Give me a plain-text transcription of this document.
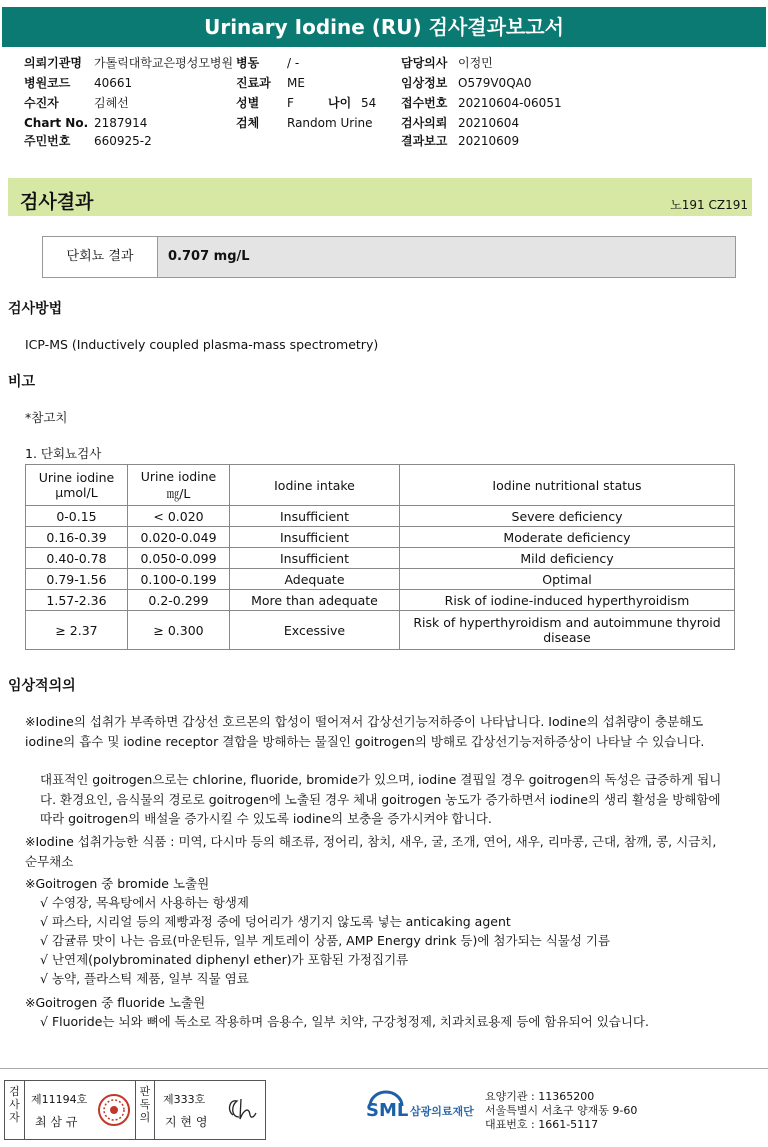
Urinary Iodine (RU) 검사결과보고서
의뢰기관명 가톨릭대학교은평성모병원 병동 / -	담당의사 이정민
병원코드 40661	진료과 ME	임상정보 O579V0QA0
수진자	김혜선	성별 F	나이 54 접수번호 20210604-06051
Chart No. 2187914	검체 Random Urine 검사의뢰 20210604
주민번호 660925-2	결과보고 20210609
검사결과	노191 CZ191
단회뇨 결과	0.707 mg/L
검사방법
ICP-MS (Inductively coupled plasma-mass spectrometry)
비고
*참고치
1. 단회뇨검사
Urine iodine μmol/L	Urine iodine ㎎/L	Iodine intake	Iodine nutritional status
0-0.15	< 0.020	Insufficient	Severe deficiency
0.16-0.39	0.020-0.049	Insufficient	Moderate deficiency
0.40-0.78	0.050-0.099	Insufficient	Mild deficiency
0.79-1.56	0.100-0.199	Adequate	Optimal
1.57-2.36	0.2-0.299	More than adequate	Risk of iodine-induced hyperthyroidism
≥ 2.37	≥ 0.300	Excessive	Risk of hyperthyroidism and autoimmune thyroid disease
임상적의의
※Iodine의 섭취가 부족하면 갑상선 호르몬의 합성이 떨어져서 갑상선기능저하증이 나타납니다. Iodine의 섭취량이 충분해도 iodine의 흡수 및 iodine receptor 결합을 방해하는 물질인 goitrogen의 방해로 갑상선기능저하증상이 나타날 수 있습니다.
대표적인 goitrogen으로는 chlorine, fluoride, bromide가 있으며, iodine 결핍일 경우 goitrogen의 독성은 급증하게 됩니다. 환경요인, 음식물의 경로로 goitrogen에 노출된 경우 체내 goitrogen 농도가 증가하면서 iodine의 생리 활성을 방해함에 따라 goitrogen의 배설을 증가시킬 수 있도록 iodine의 보충을 증가시켜야 합니다.
※Iodine 섭취가능한 식품 : 미역, 다시마 등의 해조류, 정어리, 참치, 새우, 굴, 조개, 연어, 새우, 리마콩, 근대, 참깨, 콩, 시금치, 순무채소
※Goitrogen 중 bromide 노출원
√ 수영장, 목욕탕에서 사용하는 항생제
√ 파스타, 시리얼 등의 제빵과정 중에 덩어리가 생기지 않도록 넣는 anticaking agent
√ 감귤류 맛이 나는 음료(마운틴듀, 일부 게토레이 상품, AMP Energy drink 등)에 첨가되는 식물성 기름
√ 난연제(polybrominated diphenyl ether)가 포함된 가정집기류
√ 농약, 플라스틱 제품, 일부 직물 염료
※Goitrogen 중 fluoride 노출원
√ Fluoride는 뇌와 뼈에 독소로 작용하며 음용수, 일부 치약, 구강청정제, 치과치료용제 등에 함유되어 있습니다.
검사자
제11194호
최 삼 규
판독의
제333호
지 현 영
SML 삼광의료재단
요양기관 : 11365200
서울특별시 서초구 양재동 9-60
대표번호 : 1661-5117
